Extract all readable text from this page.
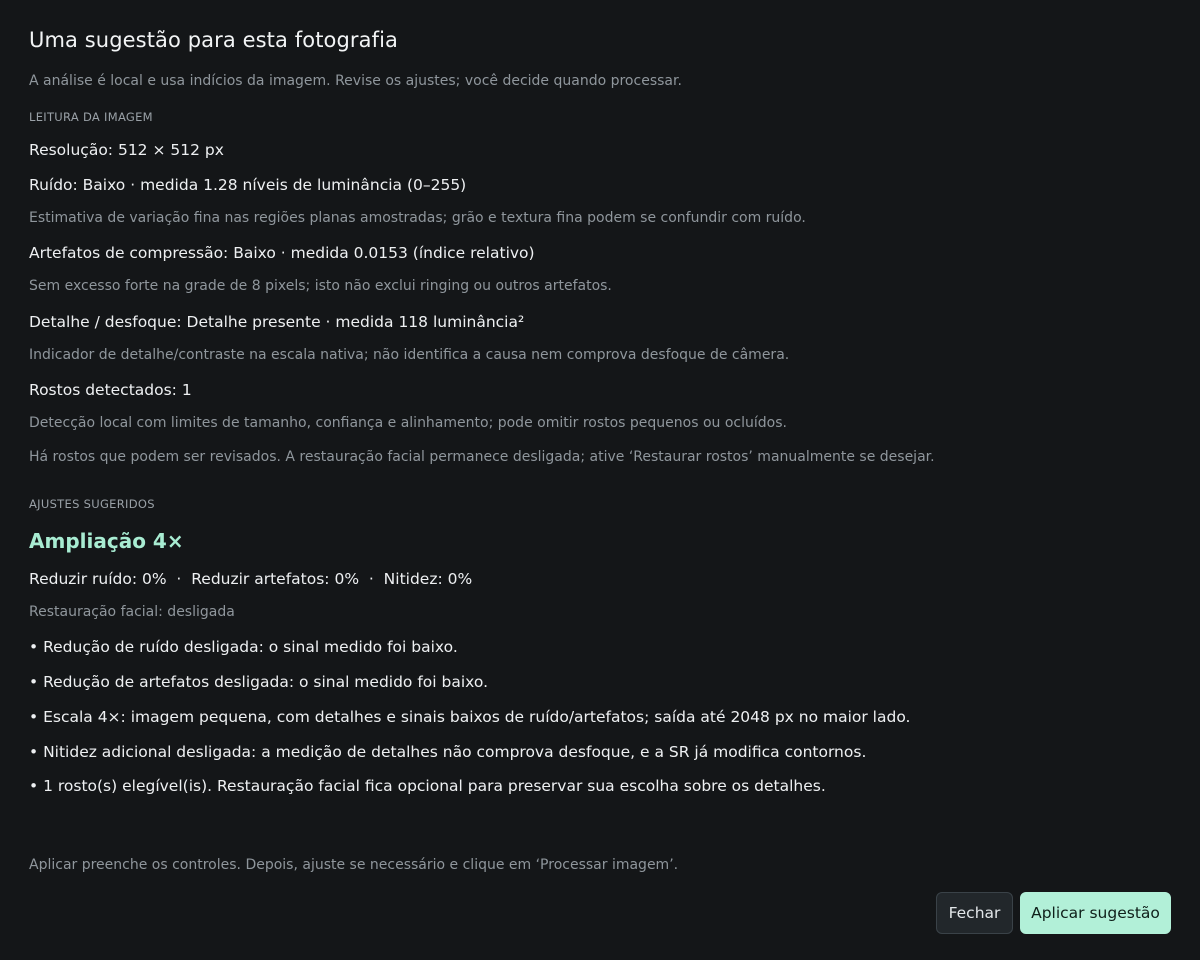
Uma sugestão para esta fotografia
A análise é local e usa indícios da imagem. Revise os ajustes; você decide quando processar.
LEITURA DA IMAGEM
Resolução: 512 × 512 px
Ruído: Baixo · medida 1.28 níveis de luminância (0–255)
Estimativa de variação fina nas regiões planas amostradas; grão e textura fina podem se confundir com ruído.
Artefatos de compressão: Baixo · medida 0.0153 (índice relativo)
Sem excesso forte na grade de 8 pixels; isto não exclui ringing ou outros artefatos.
Detalhe / desfoque: Detalhe presente · medida 118 luminância²
Indicador de detalhe/contraste na escala nativa; não identifica a causa nem comprova desfoque de câmera.
Rostos detectados: 1
Detecção local com limites de tamanho, confiança e alinhamento; pode omitir rostos pequenos ou ocluídos.
Há rostos que podem ser revisados. A restauração facial permanece desligada; ative ‘Restaurar rostos’ manualmente se desejar.
AJUSTES SUGERIDOS
Ampliação 4×
Reduzir ruído: 0%  ·  Reduzir artefatos: 0%  ·  Nitidez: 0%
Restauração facial: desligada
• Redução de ruído desligada: o sinal medido foi baixo.
• Redução de artefatos desligada: o sinal medido foi baixo.
• Escala 4×: imagem pequena, com detalhes e sinais baixos de ruído/artefatos; saída até 2048 px no maior lado.
• Nitidez adicional desligada: a medição de detalhes não comprova desfoque, e a SR já modifica contornos.
• 1 rosto(s) elegível(is). Restauração facial fica opcional para preservar sua escolha sobre os detalhes.
Aplicar preenche os controles. Depois, ajuste se necessário e clique em ‘Processar imagem’.
Fechar	Aplicar sugestão
